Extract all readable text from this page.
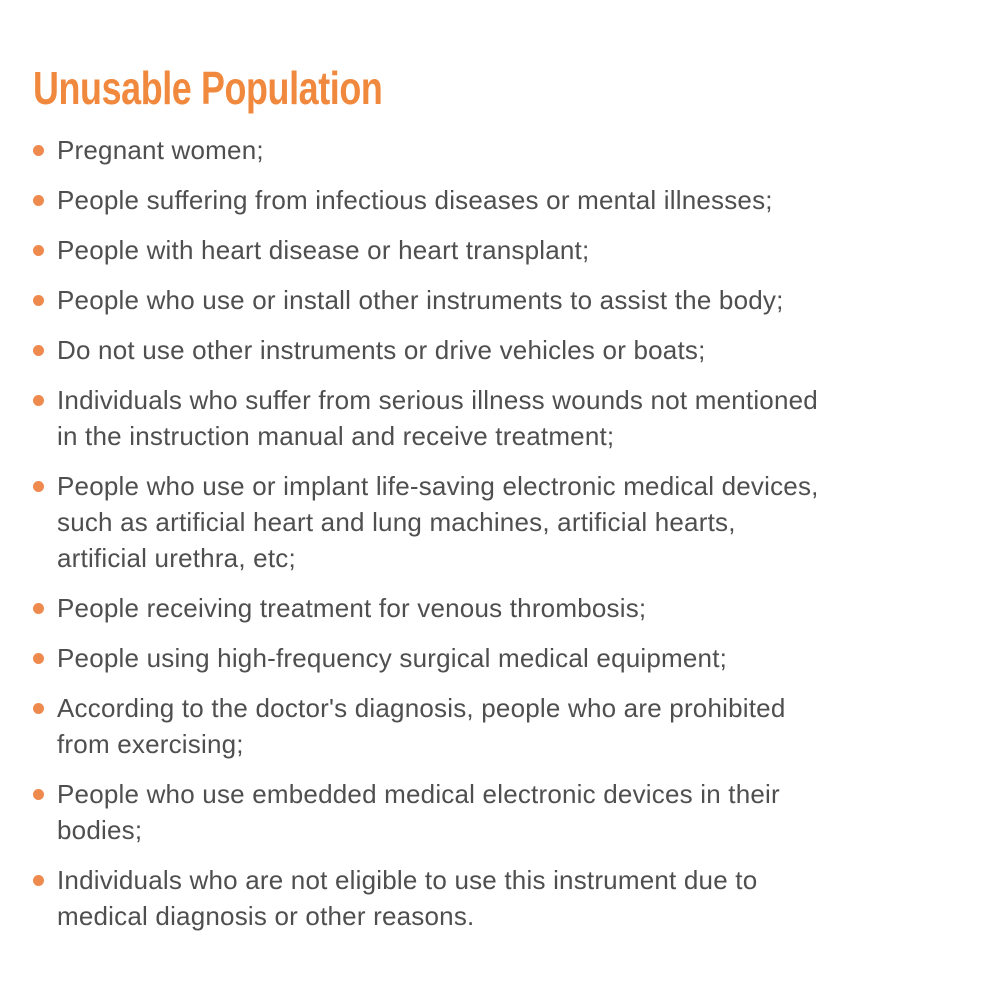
Unusable Population
Pregnant women;
People suffering from infectious diseases or mental illnesses;
People with heart disease or heart transplant;
People who use or install other instruments to assist the body;
Do not use other instruments or drive vehicles or boats;
Individuals who suffer from serious illness wounds not mentioned
in the instruction manual and receive treatment;
People who use or implant life-saving electronic medical devices,
such as artificial heart and lung machines, artificial hearts,
artificial urethra, etc;
People receiving treatment for venous thrombosis;
People using high-frequency surgical medical equipment;
According to the doctor's diagnosis, people who are prohibited
from exercising;
People who use embedded medical electronic devices in their
bodies;
Individuals who are not eligible to use this instrument due to
medical diagnosis or other reasons.
